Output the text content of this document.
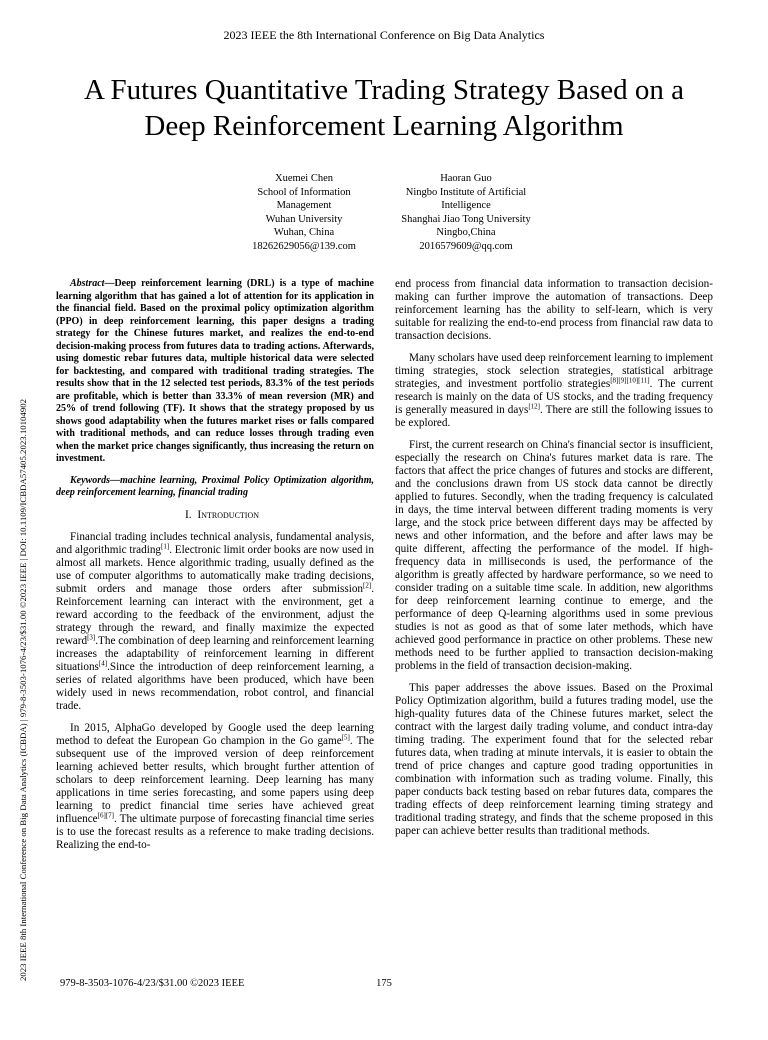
2023 IEEE the 8th International Conference on Big Data Analytics
A Futures Quantitative Trading Strategy Based on a
Deep Reinforcement Learning Algorithm
Xuemei Chen
School of Information
Management
Wuhan University
Wuhan, China
18262629056@139.com
Haoran Guo
Ningbo Institute of Artificial
Intelligence
Shanghai Jiao Tong University
Ningbo,China
2016579609@qq.com
2023 IEEE 8th International Conference on Big Data Analytics (ICBDA) | 979-8-3503-1076-4/23/$31.00 ©2023 IEEE | DOI: 10.1109/ICBDA57405.2023.10104902

Abstract—Deep reinforcement learning (DRL) is a type of machine learning algorithm that has gained a lot of attention for its application in the financial field. Based on the proximal policy optimization algorithm (PPO) in deep reinforcement learning, this paper designs a trading strategy for the Chinese futures market, and realizes the end-to-end decision-making process from futures data to trading actions. Afterwards, using domestic rebar futures data, multiple historical data were selected for backtesting, and compared with traditional trading strategies. The results show that in the 12 selected test periods, 83.3% of the test periods are profitable, which is better than 33.3% of mean reversion (MR) and 25% of trend following (TF). It shows that the strategy proposed by us shows good adaptability when the futures market rises or falls compared with traditional methods, and can reduce losses through trading even when the market price changes significantly, thus increasing the return on investment.

Keywords—machine learning, Proximal Policy Optimization algorithm, deep reinforcement learning, financial trading

I. Introduction

Financial trading includes technical analysis, fundamental analysis, and algorithmic trading[1]. Electronic limit order books are now used in almost all markets. Hence algorithmic trading, usually defined as the use of computer algorithms to automatically make trading decisions, submit orders and manage those orders after submission[2]. Reinforcement learning can interact with the environment, get a reward according to the feedback of the environment, adjust the strategy through the reward, and finally maximize the expected reward[3].The combination of deep learning and reinforcement learning increases the adaptability of reinforcement learning in different situations[4].Since the introduction of deep reinforcement learning, a series of related algorithms have been produced, which have been widely used in news recommendation, robot control, and financial trade.

In 2015, AlphaGo developed by Google used the deep learning method to defeat the European Go champion in the Go game[5]. The subsequent use of the improved version of deep reinforcement learning achieved better results, which brought further attention of scholars to deep reinforcement learning. Deep learning has many applications in time series forecasting, and some papers using deep learning to predict financial time series have achieved great influence[6][7]. The ultimate purpose of forecasting financial time series is to use the forecast results as a reference to make trading decisions. Realizing the end-to-

end process from financial data information to transaction decision-making can further improve the automation of transactions. Deep reinforcement learning has the ability to self-learn, which is very suitable for realizing the end-to-end process from financial raw data to transaction decisions.

Many scholars have used deep reinforcement learning to implement timing strategies, stock selection strategies, statistical arbitrage strategies, and investment portfolio strategies[8][9][10][11]. The current research is mainly on the data of US stocks, and the trading frequency is generally measured in days[12]. There are still the following issues to be explored.

First, the current research on China's financial sector is insufficient, especially the research on China's futures market data is rare. The factors that affect the price changes of futures and stocks are different, and the conclusions drawn from US stock data cannot be directly applied to futures. Secondly, when the trading frequency is calculated in days, the time interval between different trading moments is very large, and the stock price between different days may be affected by news and other information, and the before and after laws may be quite different, affecting the performance of the model. If high-frequency data in milliseconds is used, the performance of the algorithm is greatly affected by hardware performance, so we need to consider trading on a suitable time scale. In addition, new algorithms for deep reinforcement learning continue to emerge, and the performance of deep Q-learning algorithms used in some previous studies is not as good as that of some later methods, which have achieved good performance in practice on other problems. These new methods need to be further applied to transaction decision-making problems in the field of transaction decision-making.

This paper addresses the above issues. Based on the Proximal Policy Optimization algorithm, build a futures trading model, use the high-quality futures data of the Chinese futures market, select the contract with the largest daily trading volume, and conduct intra-day timing trading. The experiment found that for the selected rebar futures data, when trading at minute intervals, it is easier to obtain the trend of price changes and capture good trading opportunities in combination with information such as trading volume. Finally, this paper conducts back testing based on rebar futures data, compares the trading effects of deep reinforcement learning timing strategy and traditional trading strategy, and finds that the scheme proposed in this paper can achieve better results than traditional methods.

979-8-3503-1076-4/23/$31.00 ©2023 IEEE	175
